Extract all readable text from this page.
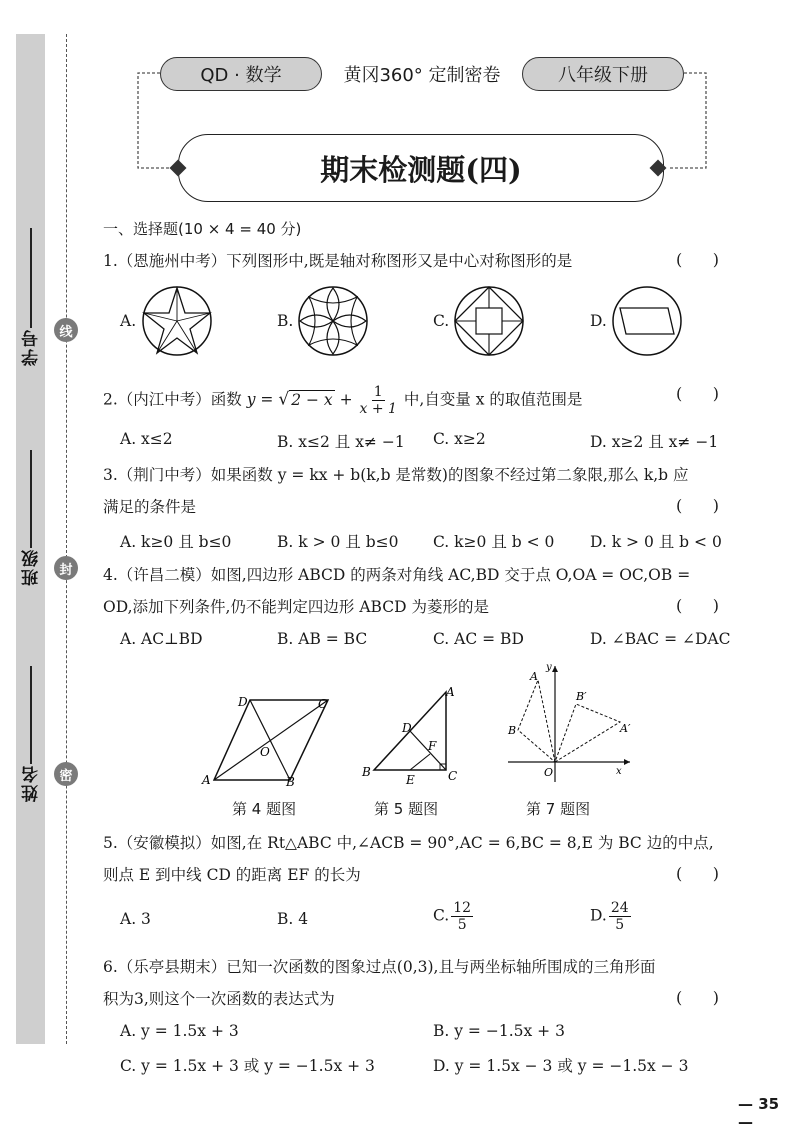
学号
班级
姓名
线
封
密
QD · 数学	黄冈360° 定制密卷	八年级下册
期末检测题(四)
一、选择题(10 × 4 = 40 分)
1.（恩施州中考）下列图形中,既是轴对称图形又是中心对称图形的是	(      )
A.	B.	C.	D.
2.（内江中考）函数 y = √ $2 - x + \frac{1}{x + 1}$ 中,自变量 x 的取值范围是	(      )
A. x≤2	B. x≤2 且 x≠ −1 C. x≥2	D. x≥2 且 x≠ −1
3.（荆门中考）如果函数 y = kx + b(k,b 是常数)的图象不经过第二象限,那么 k,b 应
满足的条件是	(      )
A. k≥0 且 b≤0	B. k > 0 且 b≤0 C. k≥0 且 b < 0 D. k > 0 且 b < 0
4.（许昌二模）如图,四边形 ABCD 的两条对角线 AC,BD 交于点 O,OA = OC,OB =
OD,添加下列条件,仍不能判定四边形 ABCD 为菱形的是	(      )
A. AC⊥BD	B. AB = BC	C. AC = BD	D. ∠BAC = ∠DAC
A	B
C
D
O
B	C
A
D
E
F
A
B	A′
B′
O	x
y
第 4 题图	第 5 题图	第 7 题图
5.（安徽模拟）如图,在 Rt△ABC 中,∠ACB = 90°,AC = 6,BC = 8,E 为 BC 边的中点,
则点 E 到中线 CD 的距离 EF 的长为	(      )
A. 3	B. 4	C. $\frac{12}{5}$	D. $\frac{24}{5}$
6.（乐亭县期末）已知一次函数的图象过点(0,3),且与两坐标轴所围成的三角形面
积为3,则这个一次函数的表达式为	(      )
A. y = 1.5x + 3	B. y = −1.5x + 3
C. y = 1.5x + 3 或 y = −1.5x + 3	D. y = 1.5x − 3 或 y = −1.5x − 3
— 35 —
